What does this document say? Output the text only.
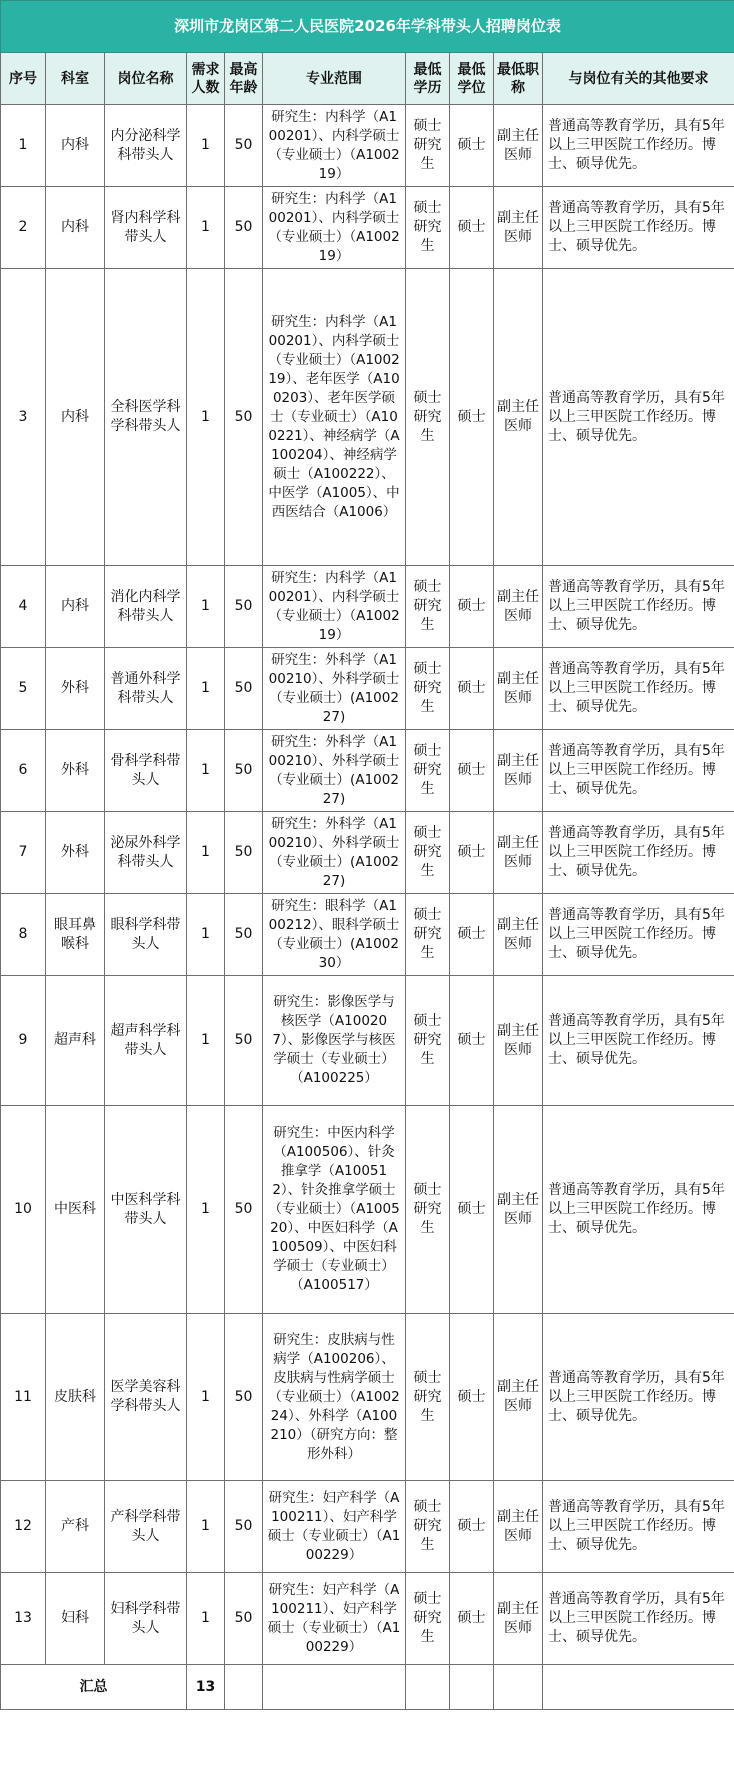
深圳市龙岗区第二人民医院2026年学科带头人招聘岗位表									
序号	科室	岗位名称	需求人数	最高年龄	专业范围	最低学历	最低学位	最低职称	与岗位有关的其他要求
1	内科	内分泌科学科带头人	1	50	研究生：内科学（A100201）、内科学硕士（专业硕士）（A100219）	硕士研究生	硕士	副主任医师	普通高等教育学历，具有5年以上三甲医院工作经历。博士、硕导优先。
2	内科	肾内科学科带头人	1	50	研究生：内科学（A100201）、内科学硕士（专业硕士）（A100219）	硕士研究生	硕士	副主任医师	普通高等教育学历，具有5年以上三甲医院工作经历。博士、硕导优先。
3	内科	全科医学科学科带头人	1	50	研究生：内科学（A100201）、内科学硕士（专业硕士）（A100219）、老年医学（A100203）、老年医学硕士（专业硕士）（A100221）、神经病学（A100204）、神经病学硕士（A100222）、中医学（A1005）、中西医结合（A1006）	硕士研究生	硕士	副主任医师	普通高等教育学历，具有5年以上三甲医院工作经历。博士、硕导优先。
4	内科	消化内科学科带头人	1	50	研究生：内科学（A100201）、内科学硕士（专业硕士）（A100219）	硕士研究生	硕士	副主任医师	普通高等教育学历，具有5年以上三甲医院工作经历。博士、硕导优先。
5	外科	普通外科学科带头人	1	50	研究生：外科学（A100210）、外科学硕士（专业硕士）(A100227)	硕士研究生	硕士	副主任医师	普通高等教育学历，具有5年以上三甲医院工作经历。博士、硕导优先。
6	外科	骨科学科带头人	1	50	研究生：外科学（A100210）、外科学硕士（专业硕士）(A100227)	硕士研究生	硕士	副主任医师	普通高等教育学历，具有5年以上三甲医院工作经历。博士、硕导优先。
7	外科	泌尿外科学科带头人	1	50	研究生：外科学（A100210）、外科学硕士（专业硕士）(A100227)	硕士研究生	硕士	副主任医师	普通高等教育学历，具有5年以上三甲医院工作经历。博士、硕导优先。
8	眼耳鼻喉科	眼科学科带头人	1	50	研究生：眼科学（A100212）、眼科学硕士（专业硕士）(A100230）	硕士研究生	硕士	副主任医师	普通高等教育学历，具有5年以上三甲医院工作经历。博士、硕导优先。
9	超声科	超声科学科带头人	1	50	研究生：影像医学与核医学（A100207）、影像医学与核医学硕士（专业硕士）（A100225）	硕士研究生	硕士	副主任医师	普通高等教育学历，具有5年以上三甲医院工作经历。博士、硕导优先。
10	中医科	中医科学科带头人	1	50	研究生：中医内科学（A100506）、针灸推拿学（A100512）、针灸推拿学硕士（专业硕士）（A100520）、中医妇科学（A100509）、中医妇科学硕士（专业硕士）（A100517）	硕士研究生	硕士	副主任医师	普通高等教育学历，具有5年以上三甲医院工作经历。博士、硕导优先。
11	皮肤科	医学美容科学科带头人	1	50	研究生：皮肤病与性病学（A100206）、皮肤病与性病学硕士（专业硕士）（A100224）、外科学（A100210）（研究方向：整形外科）	硕士研究生	硕士	副主任医师	普通高等教育学历，具有5年以上三甲医院工作经历。博士、硕导优先。
12	产科	产科学科带头人	1	50	研究生：妇产科学（A100211）、妇产科学硕士（专业硕士）（A100229）	硕士研究生	硕士	副主任医师	普通高等教育学历，具有5年以上三甲医院工作经历。博士、硕导优先。
13	妇科	妇科学科带头人	1	50	研究生：妇产科学（A100211）、妇产科学硕士（专业硕士）（A100229）	硕士研究生	硕士	副主任医师	普通高等教育学历，具有5年以上三甲医院工作经历。博士、硕导优先。
汇总			13						
